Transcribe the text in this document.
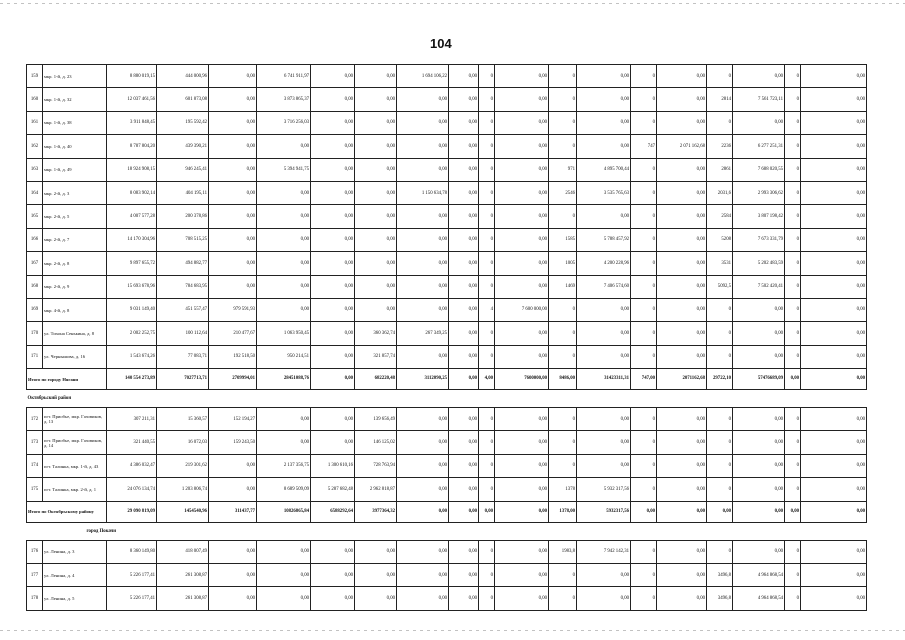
104
159	мкр. 1-й, д. 23	8 880 019,15	444 000,96	0,00	6 741 911,97	0,00	0,00	1 694 106,22	0,00	0	0,00	0	0,00	0	0,00	0	0,00	0	0,00
160	мкр. 1-й, д. 32	12 037 461,56	601 873,08	0,00	3 873 865,37	0,00	0,00	0,00	0,00	0	0,00	0	0,00	0	0,00	2814	7 561 723,11	0	0,00
161	мкр. 1-й, д. 38	3 911 848,45	195 592,42	0,00	3 716 256,03	0,00	0,00	0,00	0,00	0	0,00	0	0,00	0	0,00	0	0,00	0	0,00
162	мкр. 1-й, д. 40	8 787 804,20	439 390,21	0,00	0,00	0,00	0,00	0,00	0,00	0	0,00	0	0,00	747	2 071 162,68	2236	6 277 251,31	0	0,00
163	мкр. 1-й, д. 49	18 924 908,15	946 245,41	0,00	5 394 941,75	0,00	0,00	0,00	0,00	0	0,00	971	4 895 700,44	0	0,00	2861	7 688 020,55	0	0,00
164	мкр. 2-й, д. 3	8 083 902,14	404 195,11	0,00	0,00	0,00	0,00	1 150 634,78	0,00	0	0,00	2546	3 535 765,63	0	0,00	2031,6	2 993 306,62	0	0,00
165	мкр. 2-й, д. 5	4 007 577,28	200 378,86	0,00	0,00	0,00	0,00	0,00	0,00	0	0,00	0	0,00	0	0,00	2584	3 807 198,42	0	0,00
166	мкр. 2-й, д. 7	14 170 304,96	708 515,25	0,00	0,00	0,00	0,00	0,00	0,00	0	0,00	1585	5 788 457,92	0	0,00	5208	7 673 331,79	0	0,00
167	мкр. 2-й, д. 8	9 897 655,72	494 882,77	0,00	0,00	0,00	0,00	0,00	0,00	0	0,00	1005	4 200 228,96	0	0,00	3531	5 202 483,59	0	0,00
168	мкр. 2-й, д. 9	15 693 678,96	784 683,95	0,00	0,00	0,00	0,00	0,00	0,00	0	0,00	1469	7 406 574,60	0	0,00	5092,5	7 502 420,41	0	0,00
169	мкр. 4-й, д. 8	9 031 149,40	451 557,47	979 591,93	0,00	0,00	0,00	0,00	0,00	4	7 600 000,00	0	0,00	0	0,00	0	0,00	0	0,00
170	ул. Тихона Сенькина, д. 8	2 002 252,75	100 112,64	210 477,67	1 063 950,45	0,00	360 362,74	267 349,25	0,00	0	0,00	0	0,00	0	0,00	0	0,00	0	0,00
171	ул. Чернышова, д. 16	1 543 674,26	77 083,71	192 518,50	950 214,51	0,00	321 857,74	0,00	0,00	0	0,00	0	0,00	0	0,00	0	0,00	0	0,00
Итого по городу Нягани		140 554 273,89	7027713,71	2709994,01	28451088,76	0,00	682220,48	3112090,25	0,00	4,00	7600000,00	8486,00	31423311,31	747,00	2071162,68	29722,10	57476689,09	0,00	0,00
Октябрьский район																			
172	пгт. Приобье, мкр. Газовиков, д. 13	307 211,31	15 360,57	152 194,27	0,00	0,00	139 656,49	0,00	0,00	0	0,00	0	0,00	0	0,00	0	0,00	0	0,00
173	пгт. Приобье, мкр. Газовиков, д. 14	321 440,55	16 072,03	159 243,50	0,00	0,00	146 125,02	0,00	0,00	0	0,00	0	0,00	0	0,00	0	0,00	0	0,00
174	пгт. Талинка, мкр. 1-й, д. 43	4 386 032,47	219 301,62	0,00	2 137 356,75	1 300 610,16	728 763,94	0,00	0,00	0	0,00	0	0,00	0	0,00	0	0,00	0	0,00
175	пгт. Талинка, мкр. 2-й, д. 1	24 076 134,74	1 203 806,74	0,00	8 689 509,09	5 287 682,48	2 962 818,87	0,00	0,00	0	0,00	1378	5 932 317,56	0	0,00	0	0,00	0	0,00
Итого по Октябрьскому району		29 090 819,09	1454540,96	311437,77	10826865,84	6588292,64	3977364,32	0,00	0,00	0,00	0,00	1378,00	5932317,56	0,00	0,00	0,00	0,00	0,00	0,00
город Покачи																			
176	ул. Ленина, д. 3	8 360 149,80	418 007,49	0,00	0,00	0,00	0,00	0,00	0,00	0	0,00	1983,8	7 942 142,31	0	0,00	0	0,00	0	0,00
177	ул. Ленина, д. 4	5 226 177,41	261 308,87	0,00	0,00	0,00	0,00	0,00	0,00	0	0,00	0	0,00	0	0,00	3496,8	4 964 868,54	0	0,00
178	ул. Ленина, д. 5	5 226 177,41	261 308,87	0,00	0,00	0,00	0,00	0,00	0,00	0	0,00	0	0,00	0	0,00	3496,8	4 964 868,54	0	0,00
